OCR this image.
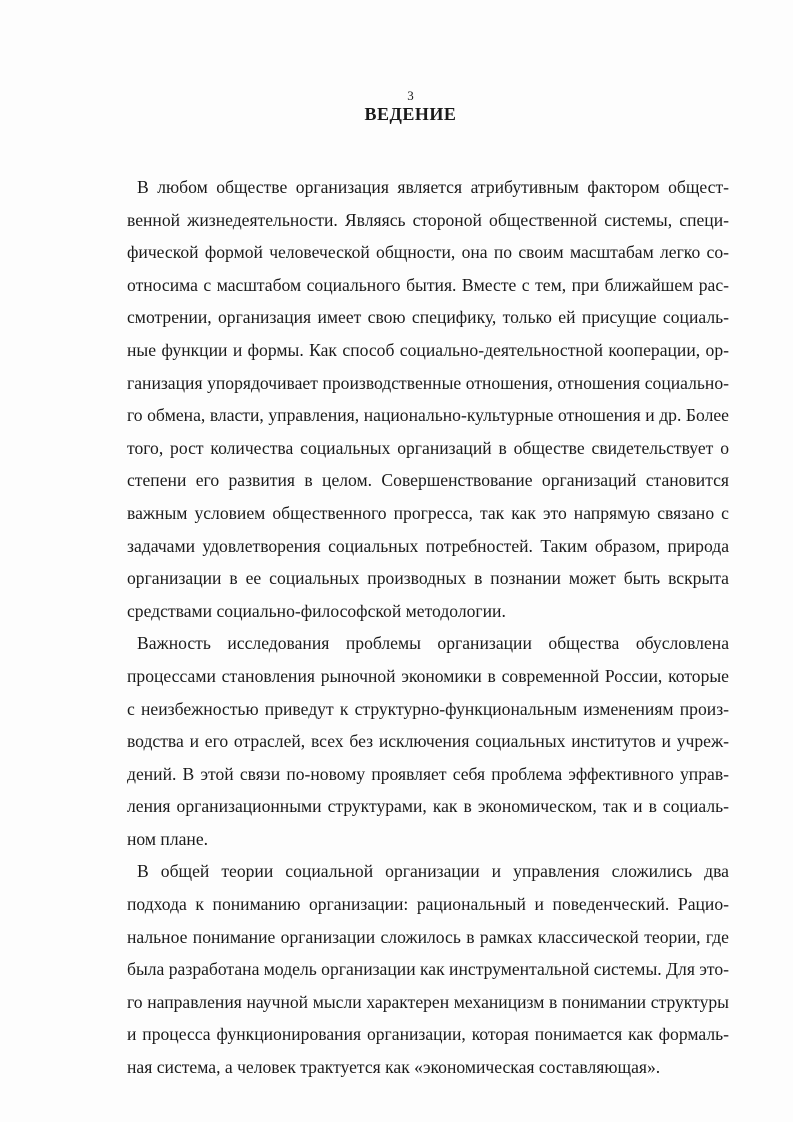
3
ВЕДЕНИЕ
В любом обществе организация является атрибутивным фактором общест-
венной жизнедеятельности. Являясь стороной общественной системы, специ-
фической формой человеческой общности, она по своим масштабам легко со-
относима с масштабом социального бытия. Вместе с тем, при ближайшем рас-
смотрении, организация имеет свою специфику, только ей присущие социаль-
ные функции и формы. Как способ социально-деятельностной кооперации, ор-
ганизация упорядочивает производственные отношения, отношения социально-
го обмена, власти, управления, национально-культурные отношения и др. Более
того, рост количества социальных организаций в обществе свидетельствует о
степени его развития в целом. Совершенствование организаций становится
важным условием общественного прогресса, так как это напрямую связано с
задачами удовлетворения социальных потребностей. Таким образом, природа
организации в ее социальных производных в познании может быть вскрыта
средствами социально-философской методологии.
Важность исследования проблемы организации общества обусловлена
процессами становления рыночной экономики в современной России, которые
с неизбежностью приведут к структурно-функциональным изменениям произ-
водства и его отраслей, всех без исключения социальных институтов и учреж-
дений. В этой связи по-новому проявляет себя проблема эффективного управ-
ления организационными структурами, как в экономическом, так и в социаль-
ном плане.
В общей теории социальной организации и управления сложились два
подхода к пониманию организации: рациональный и поведенческий. Рацио-
нальное понимание организации сложилось в рамках классической теории, где
была разработана модель организации как инструментальной системы. Для это-
го направления научной мысли характерен механицизм в понимании структуры
и процесса функционирования организации, которая понимается как формаль-
ная система, а человек трактуется как «экономическая составляющая».
